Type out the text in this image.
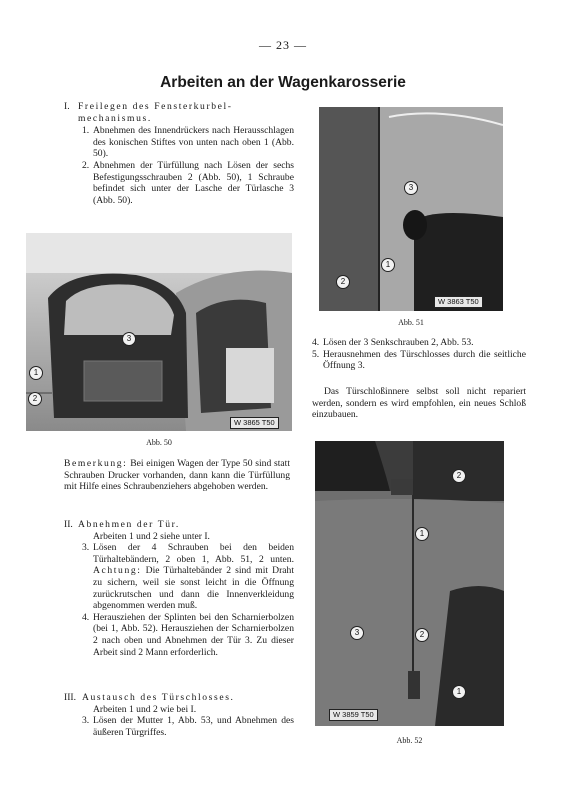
— 23 —
Arbeiten an der Wagenkarosserie
I. Freilegen des Fensterkurbel-
mechanismus.
1. Abnehmen des Innendrückers nach Herausschlagen des konischen Stiftes von unten nach oben 1 (Abb. 50).
2. Abnehmen der Türfüllung nach Lösen der sechs Befestigungsschrauben 2 (Abb. 50), 1 Schraube befindet sich unter der Lasche der Türlasche 3 (Abb. 50).
3
1
2
W 3865 T50
Abb. 50
3
1
2
W 3863 T50
Abb. 51
4. Lösen der 3 Senkschrauben 2, Abb. 53.
5. Herausnehmen des Türschlosses durch die seitliche Öffnung 3.
Das Türschloßinnere selbst soll nicht repariert werden, sondern es wird empfohlen, ein neues Schloß einzubauen.
Bemerkung: Bei einigen Wagen der Type 50 sind statt Schrauben Drucker vorhanden, dann kann die Türfüllung mit Hilfe eines Schraubenziehers abgehoben werden.
II. Abnehmen der Tür.
Arbeiten 1 und 2 siehe unter I.
3. Lösen der 4 Schrauben bei den beiden Türhaltebändern, 2 oben 1, Abb. 51, 2 unten. Achtung: Die Türhaltebänder 2 sind mit Draht zu sichern, weil sie sonst leicht in die Öffnung zurückrutschen und dann die Innenverkleidung abgenommen werden muß.
4. Herausziehen der Splinten bei den Scharnierbolzen (bei 1, Abb. 52). Herausziehen der Scharnierbolzen 2 nach oben und Abnehmen der Tür 3. Zu dieser Arbeit sind 2 Mann erforderlich.
III. Austausch des Türschlosses.
Arbeiten 1 und 2 wie bei I.
3. Lösen der Mutter 1, Abb. 53, und Abnehmen des äußeren Türgriffes.
2
1
3	2
1
W 3859 T50
Abb. 52
